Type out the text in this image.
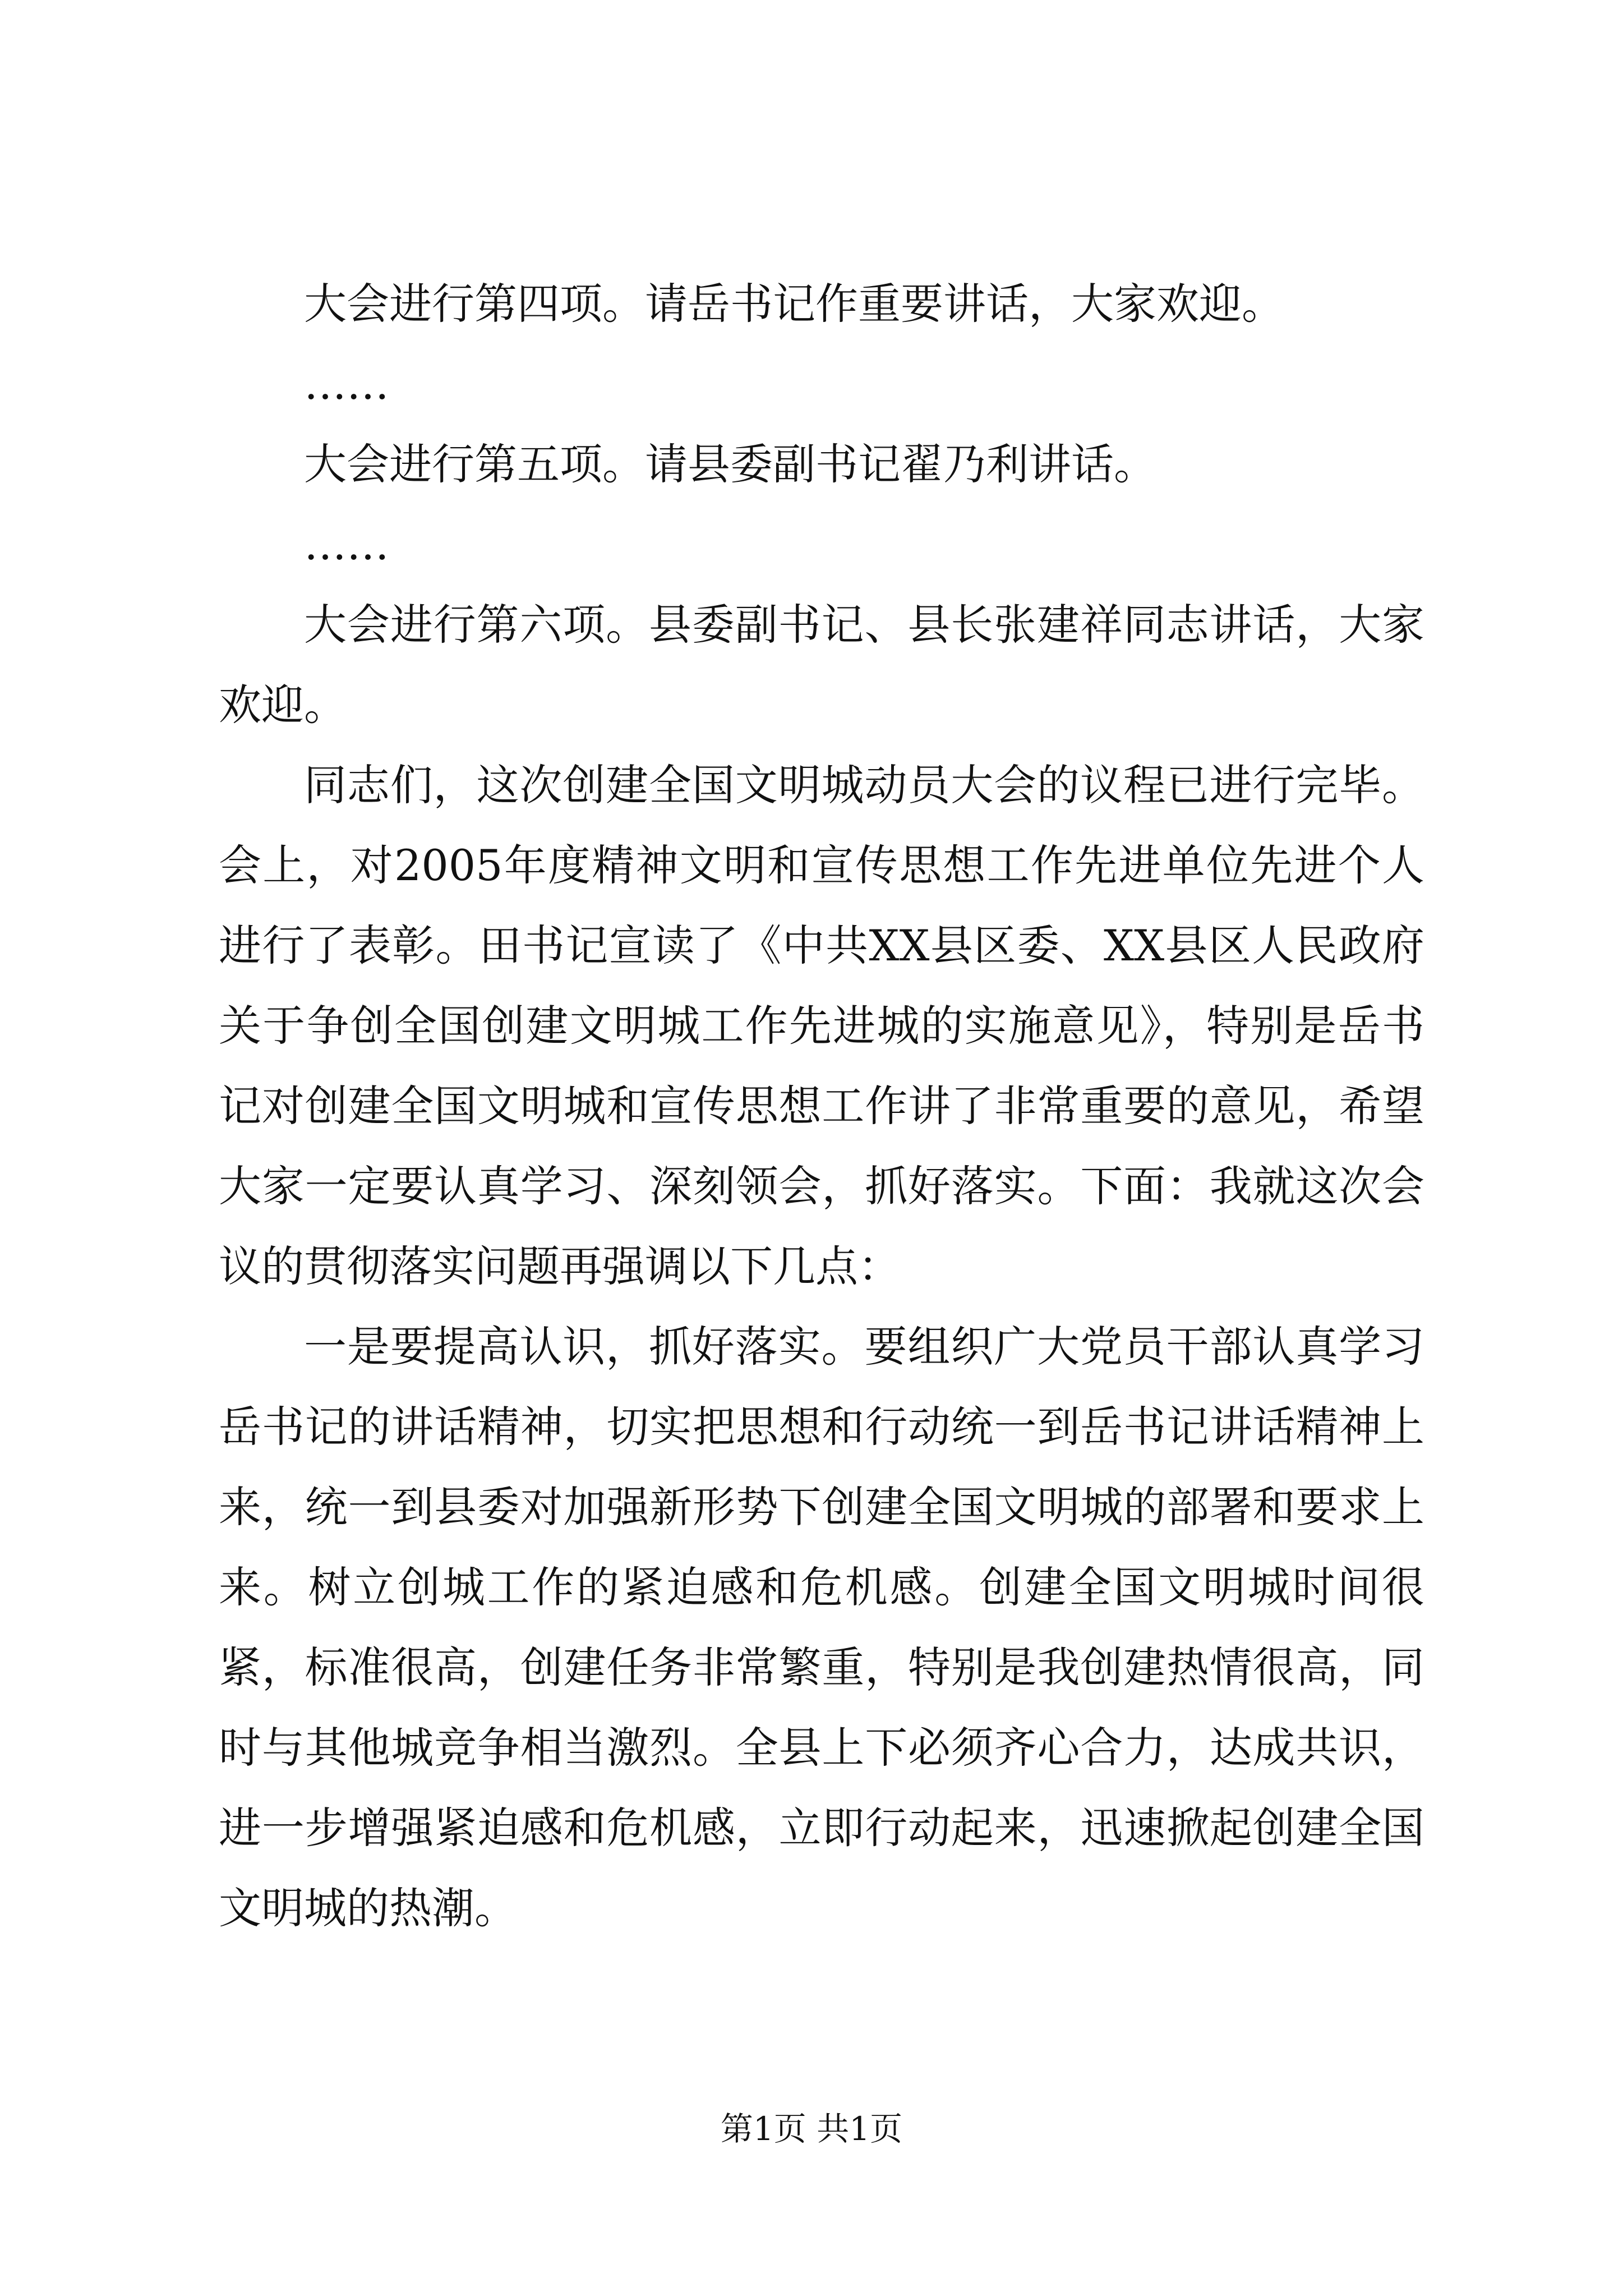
大会进行第四项。请岳书记作重要讲话，大家欢迎。

……

大会进行第五项。请县委副书记翟乃利讲话。

……

大会进行第六项。县委副书记、县长张建祥同志讲话，大家欢迎。

同志们，这次创建全国文明城动员大会的议程已进行完毕。会上，对2005年度精神文明和宣传思想工作先进单位先进个人进行了表彰。田书记宣读了《中共XX县区委、XX县区人民政府关于争创全国创建文明城工作先进城的实施意见》，特别是岳书记对创建全国文明城和宣传思想工作讲了非常重要的意见，希望大家一定要认真学习、深刻领会，抓好落实。下面：我就这次会议的贯彻落实问题再强调以下几点：

一是要提高认识，抓好落实。要组织广大党员干部认真学习岳书记的讲话精神，切实把思想和行动统一到岳书记讲话精神上来，统一到县委对加强新形势下创建全国文明城的部署和要求上来。树立创城工作的紧迫感和危机感。创建全国文明城时间很紧，标准很高，创建任务非常繁重，特别是我创建热情很高，同时与其他城竞争相当激烈。全县上下必须齐心合力，达成共识，进一步增强紧迫感和危机感，立即行动起来，迅速掀起创建全国文明城的热潮。

第1页 共1页
